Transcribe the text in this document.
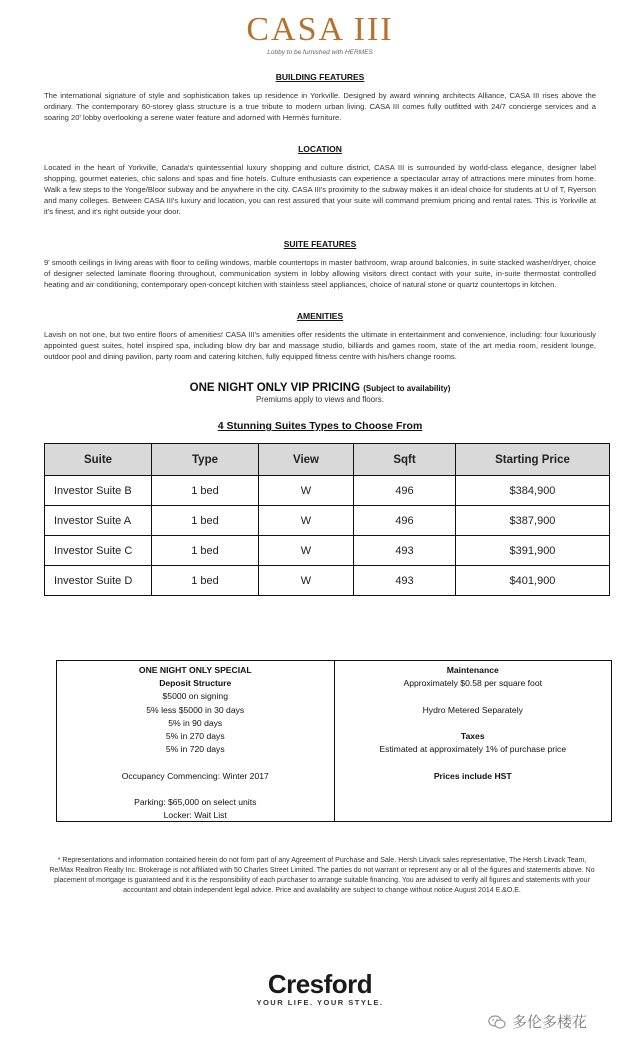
CASA III
Lobby to be furnished with HERMES
BUILDING FEATURES
The international signature of style and sophistication takes up residence in Yorkville. Designed by award winning architects Alliance, CASA III rises above the ordinary. The contemporary 60-storey glass structure is a true tribute to modern urban living. CASA III comes fully outfitted with 24/7 concierge services and a soaring 20' lobby overlooking a serene water feature and adorned with Hermès furniture.
LOCATION
Located in the heart of Yorkville, Canada's quintessential luxury shopping and culture district, CASA III is surrounded by world-class elegance, designer label shopping, gourmet eateries, chic salons and spas and fine hotels. Culture enthusiasts can experience a spectacular array of attractions mere minutes from home. Walk a few steps to the Yonge/Bloor subway and be anywhere in the city. CASA III's proximity to the subway makes it an ideal choice for students at U of T, Ryerson and many colleges. Between CASA III's luxury and location, you can rest assured that your suite will command premium pricing and rental rates. This is Yorkville at it's finest, and it's right outside your door.
SUITE FEATURES
9' smooth ceilings in living areas with floor to ceiling windows, marble countertops in master bathroom, wrap around balconies, in suite stacked washer/dryer, choice of designer selected laminate flooring throughout, communication system in lobby allowing visitors direct contact with your suite, in-suite thermostat controlled heating and air conditioning, contemporary open-concept kitchen with stainless steel appliances, choice of natural stone or quartz countertops in kitchen.
AMENITIES
Lavish on not one, but two entire floors of amenities! CASA III's amenities offer residents the ultimate in entertainment and convenience, including: four luxuriously appointed guest suites, hotel inspired spa, including blow dry bar and massage studio, billiards and games room, state of the art media room, resident lounge, outdoor pool and dining pavilion, party room and catering kitchen, fully equipped fitness centre with his/hers change rooms.
ONE NIGHT ONLY VIP PRICING (Subject to availability)
Premiums apply to views and floors.
4 Stunning Suites Types to Choose From
Suite	Type	View	Sqft	Starting Price
Investor Suite B	1 bed	W	496	$384,900
Investor Suite A	1 bed	W	496	$387,900
Investor Suite C	1 bed	W	493	$391,900
Investor Suite D	1 bed	W	493	$401,900
ONE NIGHT ONLY SPECIAL
Deposit Structure
$5000 on signing
5% less $5000 in 30 days
5% in 90 days
5% in 270 days
5% in 720 days
Occupancy Commencing: Winter 2017
Parking: $65,000 on select units
Locker: Wait List
Maintenance
Approximately $0.58 per square foot
Hydro Metered Separately
Taxes
Estimated at approximately 1% of purchase price
Prices include HST
* Representations and information contained herein do not form part of any Agreement of Purchase and Sale. Hersh Litvack sales representative, The Hersh Litvack Team, Re/Max Realtron Realty Inc. Brokerage is not affiliated with 50 Charles Street Limited. The parties do not warrant or represent any or all of the figures and statements above. No placement of mortgage is guaranteed and it is the responsibility of each purchaser to arrange suitable financing. You are advised to verify all figures and statements with your accountant and obtain independent legal advice. Price and availability are subject to change without notice August 2014 E.&O.E.
Cresford
YOUR LIFE. YOUR STYLE.
多伦多楼花
